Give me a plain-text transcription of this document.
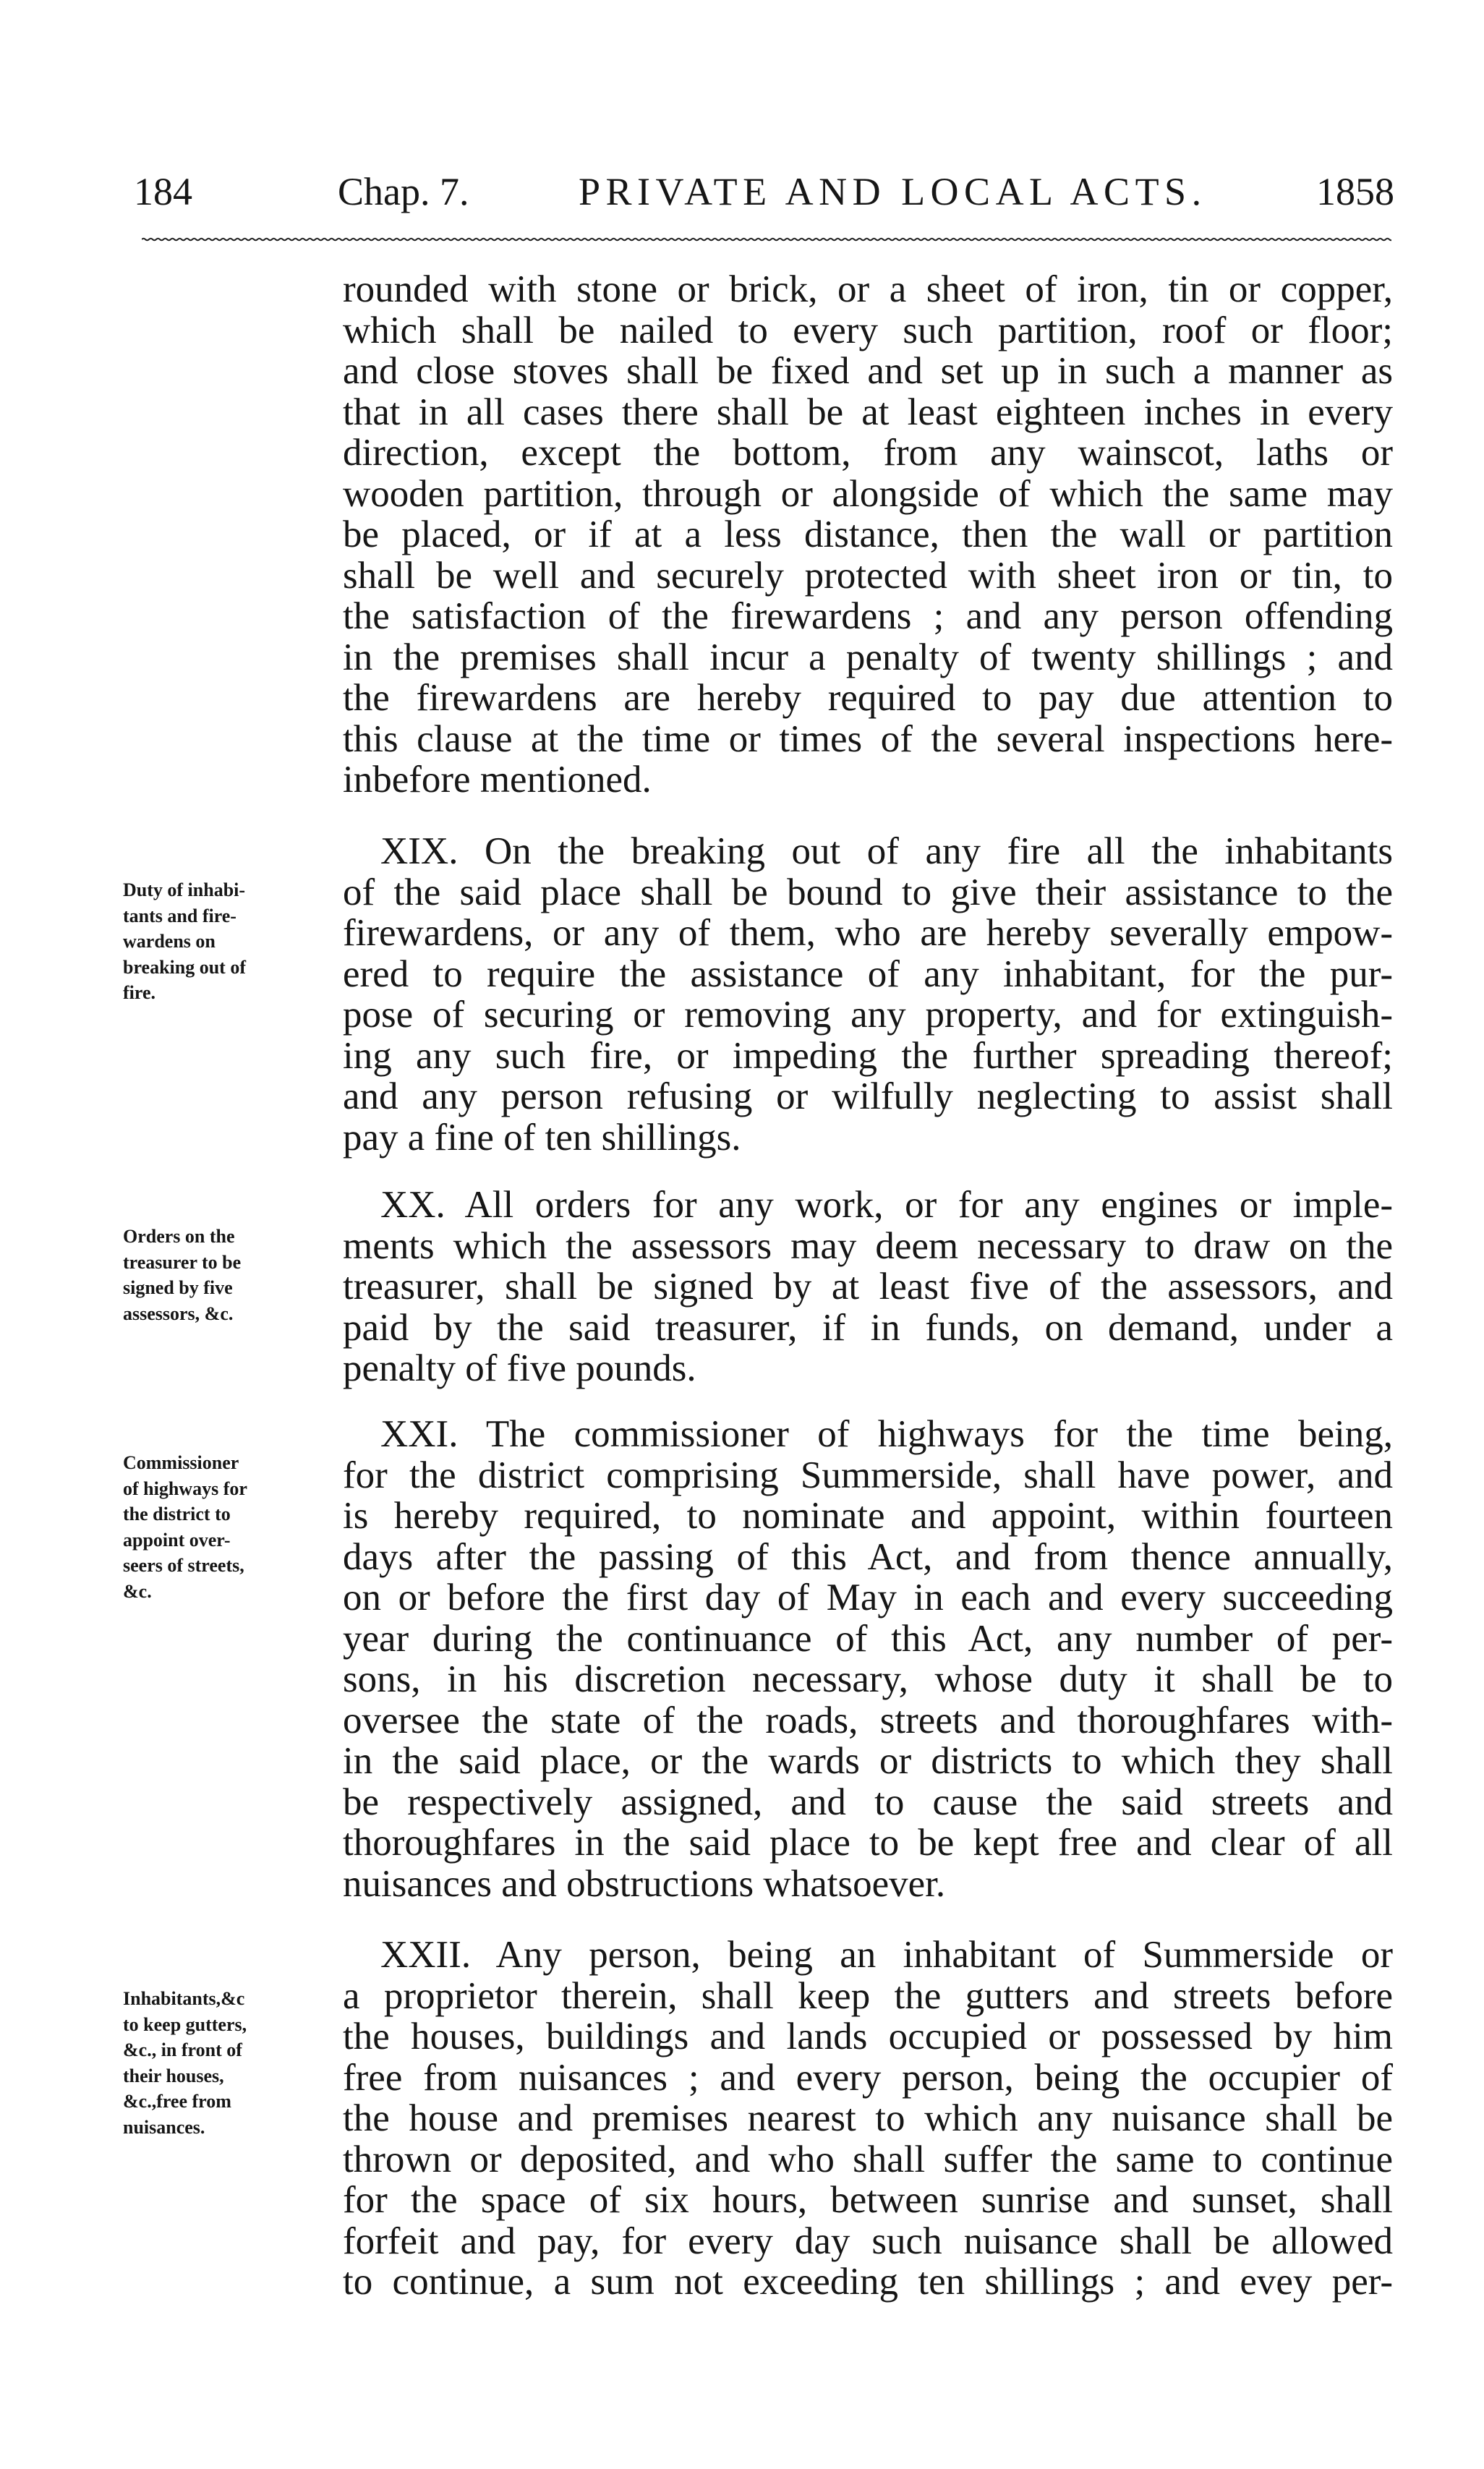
184	Chap. 7.	PRIVATE AND LOCAL ACTS.	1858
rounded with stone or brick, or a sheet of iron, tin or copper,
which shall be nailed to every such partition, roof or floor;
and close stoves shall be fixed and set up in such a manner as
that in all cases there shall be at least eighteen inches in every
direction, except the bottom, from any wainscot, laths or
wooden partition, through or alongside of which the same may
be placed, or if at a less distance, then the wall or partition
shall be well and securely protected with sheet iron or tin, to
the satisfaction of the firewardens ; and any person offending
in the premises shall incur a penalty of twenty shillings ; and
the firewardens are hereby required to pay due attention to
this clause at the time or times of the several inspections here-
inbefore mentioned.
XIX. On the breaking out of any fire all the inhabitants
of the said place shall be bound to give their assistance to the
firewardens, or any of them, who are hereby severally empow-
ered to require the assistance of any inhabitant, for the pur-
pose of securing or removing any property, and for extinguish-
ing any such fire, or impeding the further spreading thereof;
and any person refusing or wilfully neglecting to assist shall
pay a fine of ten shillings.
XX. All orders for any work, or for any engines or imple-
ments which the assessors may deem necessary to draw on the
treasurer, shall be signed by at least five of the assessors, and
paid by the said treasurer, if in funds, on demand, under a
penalty of five pounds.
XXI. The commissioner of highways for the time being,
for the district comprising Summerside, shall have power, and
is hereby required, to nominate and appoint, within fourteen
days after the passing of this Act, and from thence annually,
on or before the first day of May in each and every succeeding
year during the continuance of this Act, any number of per-
sons, in his discretion necessary, whose duty it shall be to
oversee the state of the roads, streets and thoroughfares with-
in the said place, or the wards or districts to which they shall
be respectively assigned, and to cause the said streets and
thoroughfares in the said place to be kept free and clear of all
nuisances and obstructions whatsoever.
XXII. Any person, being an inhabitant of Summerside or
a proprietor therein, shall keep the gutters and streets before
the houses, buildings and lands occupied or possessed by him
free from nuisances ; and every person, being the occupier of
the house and premises nearest to which any nuisance shall be
thrown or deposited, and who shall suffer the same to continue
for the space of six hours, between sunrise and sunset, shall
forfeit and pay, for every day such nuisance shall be allowed
to continue, a sum not exceeding ten shillings ; and evey per-
Duty of inhabi-
tants and fire-
wardens on
breaking out of
fire.
Orders on the
treasurer to be
signed by five
assessors, &c.
Commissioner
of highways for
the district to
appoint over-
seers of streets,
&c.
Inhabitants,&c
to keep gutters,
&c., in front of
their houses,
&c.,free from
nuisances.
